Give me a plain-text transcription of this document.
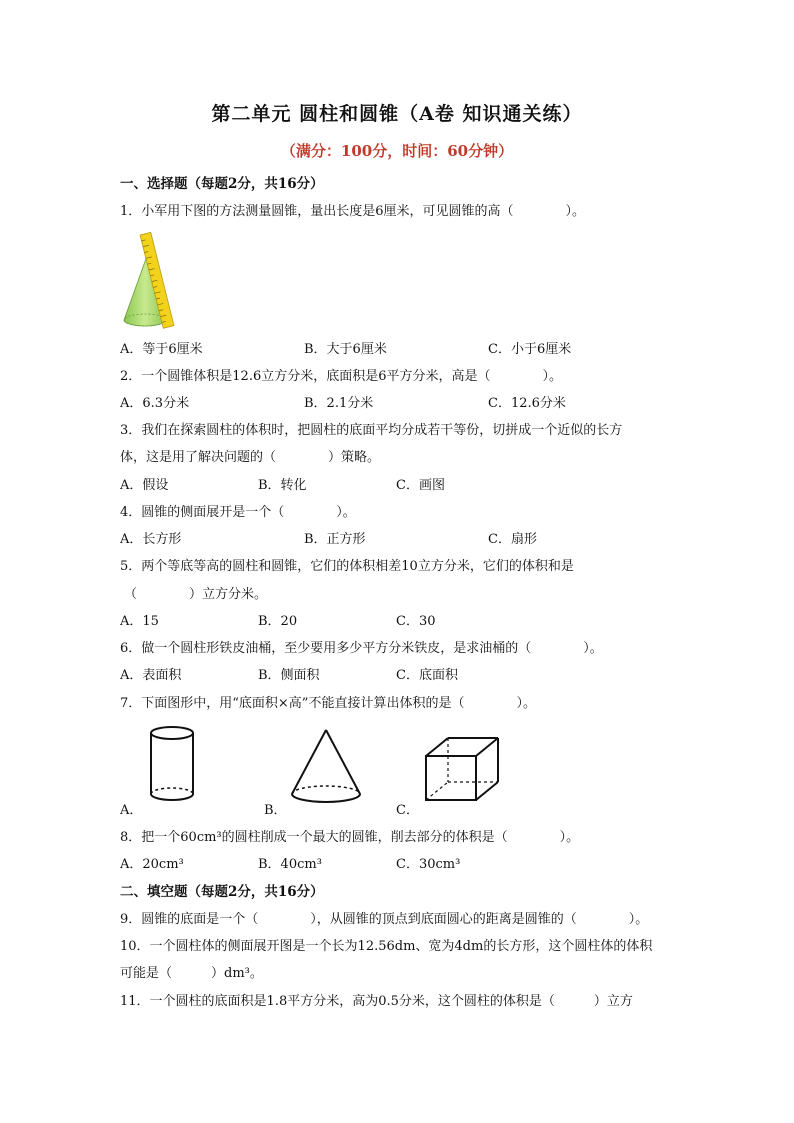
第二单元 圆柱和圆锥（A卷 知识通关练）
（满分：100分，时间：60分钟）
一、选择题（每题2分，共16分）
1．小军用下图的方法测量圆锥，量出长度是6厘米，可见圆锥的高（　　　　）。
A．等于6厘米	B．大于6厘米	C．小于6厘米
2．一个圆锥体积是12.6立方分米，底面积是6平方分米，高是（　　　　）。
A．6.3分米	B．2.1分米	C．12.6分米
3．我们在探索圆柱的体积时，把圆柱的底面平均分成若干等份，切拼成一个近似的长方
体，这是用了解决问题的（　　　　）策略。
A．假设	B．转化	C．画图
4．圆锥的侧面展开是一个（　　　　）。
A．长方形	B．正方形	C．扇形
5．两个等底等高的圆柱和圆锥，它们的体积相差10立方分米，它们的体积和是
（　　　　）立方分米。
A．15	B．20	C．30
6．做一个圆柱形铁皮油桶，至少要用多少平方分米铁皮，是求油桶的（　　　　）。
A．表面积	B．侧面积	C．底面积
7．下面图形中，用“底面积×高”不能直接计算出体积的是（　　　　）。
A．	B．	C．
8．把一个60cm³的圆柱削成一个最大的圆锥，削去部分的体积是（　　　　）。
A．20cm³	B．40cm³	C．30cm³
二、填空题（每题2分，共16分）
9．圆锥的底面是一个（　　　　），从圆锥的顶点到底面圆心的距离是圆锥的（　　　　）。
10．一个圆柱体的侧面展开图是一个长为12.56dm、宽为4dm的长方形，这个圆柱体的体积
可能是（　　　）dm³。
11．一个圆柱的底面积是1.8平方分米，高为0.5分米，这个圆柱的体积是（　　　）立方
